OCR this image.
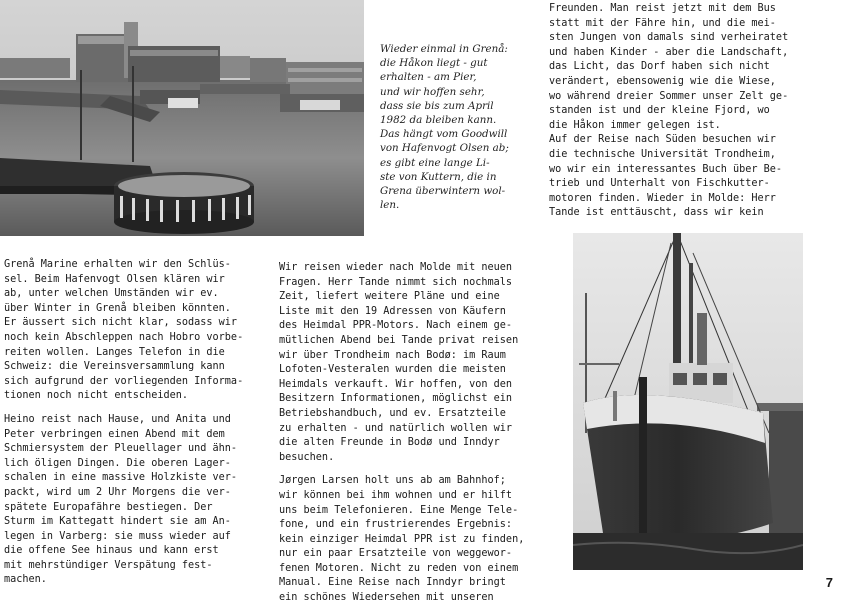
Wieder einmal in Grenå:
die Håkon liegt - gut
erhalten - am Pier,
und wir hoffen sehr,
dass sie bis zum April
1982 da bleiben kann.
Das hängt vom Goodwill
von Hafenvogt Olsen ab;
es gibt eine lange Li-
ste von Kuttern, die in
Grena überwintern wol-
len.

Freunden. Man reist jetzt mit dem Bus
statt mit der Fähre hin, und die mei-
sten Jungen von damals sind verheiratet
und haben Kinder - aber die Landschaft,
das Licht, das Dorf haben sich nicht
verändert, ebensowenig wie die Wiese,
wo während dreier Sommer unser Zelt ge-
standen ist und der kleine Fjord, wo
die Håkon immer gelegen ist.
Auf der Reise nach Süden besuchen wir
die technische Universität Trondheim,
wo wir ein interessantes Buch über Be-
trieb und Unterhalt von Fischkutter-
motoren finden. Wieder in Molde: Herr
Tande ist enttäuscht, dass wir kein

Grenå Marine erhalten wir den Schlüs-
sel. Beim Hafenvogt Olsen klären wir
ab, unter welchen Umständen wir ev.
über Winter in Grenå bleiben könnten.
Er äussert sich nicht klar, sodass wir
noch kein Abschleppen nach Hobro vorbe-
reiten wollen. Langes Telefon in die
Schweiz: die Vereinsversammlung kann
sich aufgrund der vorliegenden Informa-
tionen noch nicht entscheiden.

Heino reist nach Hause, und Anita und
Peter verbringen einen Abend mit dem
Schmiersystem der Pleuellager und ähn-
lich öligen Dingen. Die oberen Lager-
schalen in eine massive Holzkiste ver-
packt, wird um 2 Uhr Morgens die ver-
spätete Europafähre bestiegen. Der
Sturm im Kattegatt hindert sie am An-
legen in Varberg: sie muss wieder auf
die offene See hinaus und kann erst
mit mehrstündiger Verspätung fest-
machen.

Wir reisen wieder nach Molde mit neuen
Fragen. Herr Tande nimmt sich nochmals
Zeit, liefert weitere Pläne und eine
Liste mit den 19 Adressen von Käufern
des Heimdal PPR-Motors. Nach einem ge-
mütlichen Abend bei Tande privat reisen
wir über Trondheim nach Bodø: im Raum
Lofoten-Vesteralen wurden die meisten
Heimdals verkauft. Wir hoffen, von den
Besitzern Informationen, möglichst ein
Betriebshandbuch, und ev. Ersatzteile
zu erhalten - und natürlich wollen wir
die alten Freunde in Bodø und Inndyr
besuchen.

Jørgen Larsen holt uns ab am Bahnhof;
wir können bei ihm wohnen und er hilft
uns beim Telefonieren. Eine Menge Tele-
fone, und ein frustrierendes Ergebnis:
kein einziger Heimdal PPR ist zu finden,
nur ein paar Ersatzteile von weggewor-
fenen Motoren. Nicht zu reden von einem
Manual. Eine Reise nach Inndyr bringt
ein schönes Wiedersehen mit unseren

7
